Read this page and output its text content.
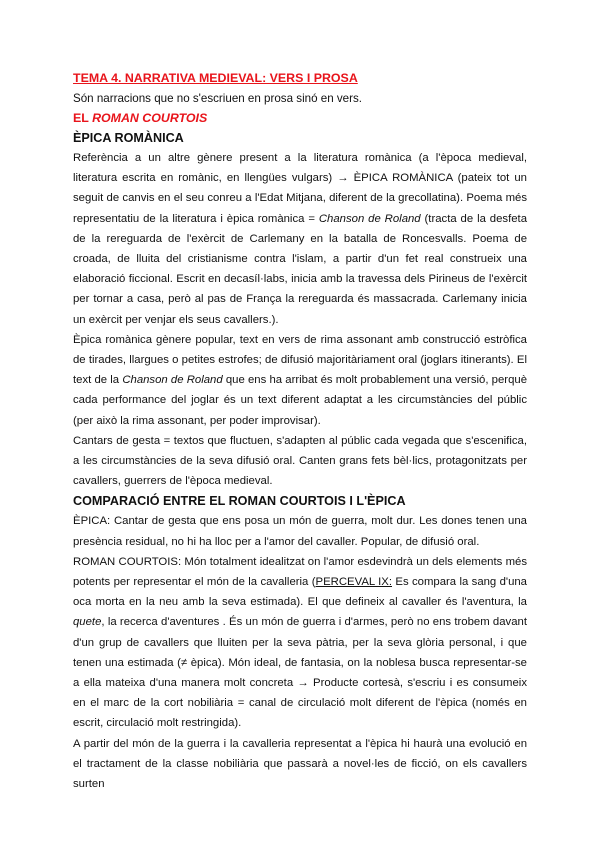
TEMA 4. NARRATIVA MEDIEVAL: VERS I PROSA
Són narracions que no s'escriuen en prosa sinó en vers.
EL ROMAN COURTOIS
ÈPICA ROMÀNICA

Referència a un altre gènere present a la literatura romànica (a l'època medieval, literatura escrita en romànic, en llengües vulgars) → ÈPICA ROMÀNICA (pateix tot un seguit de canvis en el seu conreu a l'Edat Mitjana, diferent de la grecollatina). Poema més representatiu de la literatura i èpica romànica = Chanson de Roland (tracta de la desfeta de la rereguarda de l'exèrcit de Carlemany en la batalla de Roncesvalls. Poema de croada, de lluita del cristianisme contra l'islam, a partir d'un fet real construeix una elaboració ficcional. Escrit en decasíl·labs, inicia amb la travessa dels Pirineus de l'exèrcit per tornar a casa, però al pas de França la rereguarda és massacrada. Carlemany inicia un exèrcit per venjar els seus cavallers.).

Èpica romànica gènere popular, text en vers de rima assonant amb construcció estròfica de tirades, llargues o petites estrofes; de difusió majoritàriament oral (joglars itinerants). El text de la Chanson de Roland que ens ha arribat és molt probablement una versió, perquè cada performance del joglar és un text diferent adaptat a les circumstàncies del públic (per això la rima assonant, per poder improvisar).

Cantars de gesta = textos que fluctuen, s'adapten al públic cada vegada que s'escenifica, a les circumstàncies de la seva difusió oral. Canten grans fets bèl·lics, protagonitzats per cavallers, guerrers de l'època medieval.

COMPARACIÓ ENTRE EL ROMAN COURTOIS I L'ÈPICA

ÈPICA: Cantar de gesta que ens posa un món de guerra, molt dur. Les dones tenen una presència residual, no hi ha lloc per a l'amor del cavaller. Popular, de difusió oral.

ROMAN COURTOIS: Món totalment idealitzat on l'amor esdevindrà un dels elements més potents per representar el món de la cavalleria (PERCEVAL IX: Es compara la sang d'una oca morta en la neu amb la seva estimada). El que defineix al cavaller és l'aventura, la quete, la recerca d'aventures . És un món de guerra i d'armes, però no ens trobem davant d'un grup de cavallers que lluiten per la seva pàtria, per la seva glòria personal, i que tenen una estimada (≠ èpica). Món ideal, de fantasia, on la noblesa busca representar-se a ella mateixa d'una manera molt concreta → Producte cortesà, s'escriu i es consumeix en el marc de la cort nobiliària = canal de circulació molt diferent de l'èpica (només en escrit, circulació molt restringida).

A partir del món de la guerra i la cavalleria representat a l'èpica hi haurà una evolució en el tractament de la classe nobiliària que passarà a novel·les de ficció, on els cavallers surten
